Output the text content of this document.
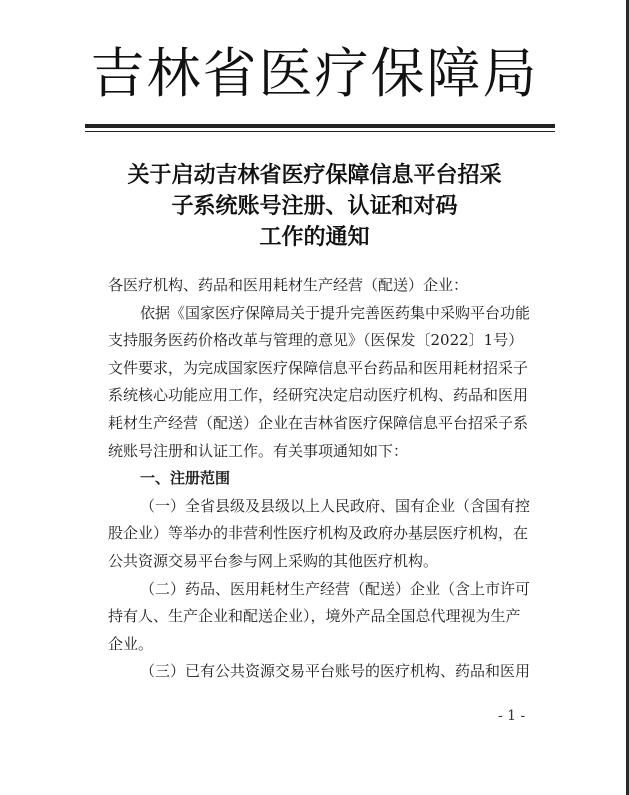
吉林省医疗保障局
关于启动吉林省医疗保障信息平台招采
子系统账号注册、认证和对码
工作的通知
各医疗机构、药品和医用耗材生产经营（配送）企业：
依据《国家医疗保障局关于提升完善医药集中采购平台功能
支持服务医药价格改革与管理的意见》（医保发〔2022〕1号）
文件要求，为完成国家医疗保障信息平台药品和医用耗材招采子
系统核心功能应用工作，经研究决定启动医疗机构、药品和医用
耗材生产经营（配送）企业在吉林省医疗保障信息平台招采子系
统账号注册和认证工作。有关事项通知如下：
一、注册范围
（一）全省县级及县级以上人民政府、国有企业（含国有控
股企业）等举办的非营利性医疗机构及政府办基层医疗机构，在
公共资源交易平台参与网上采购的其他医疗机构。
（二）药品、医用耗材生产经营（配送）企业（含上市许可
持有人、生产企业和配送企业），境外产品全国总代理视为生产
企业。
（三）已有公共资源交易平台账号的医疗机构、药品和医用
- 1 -
